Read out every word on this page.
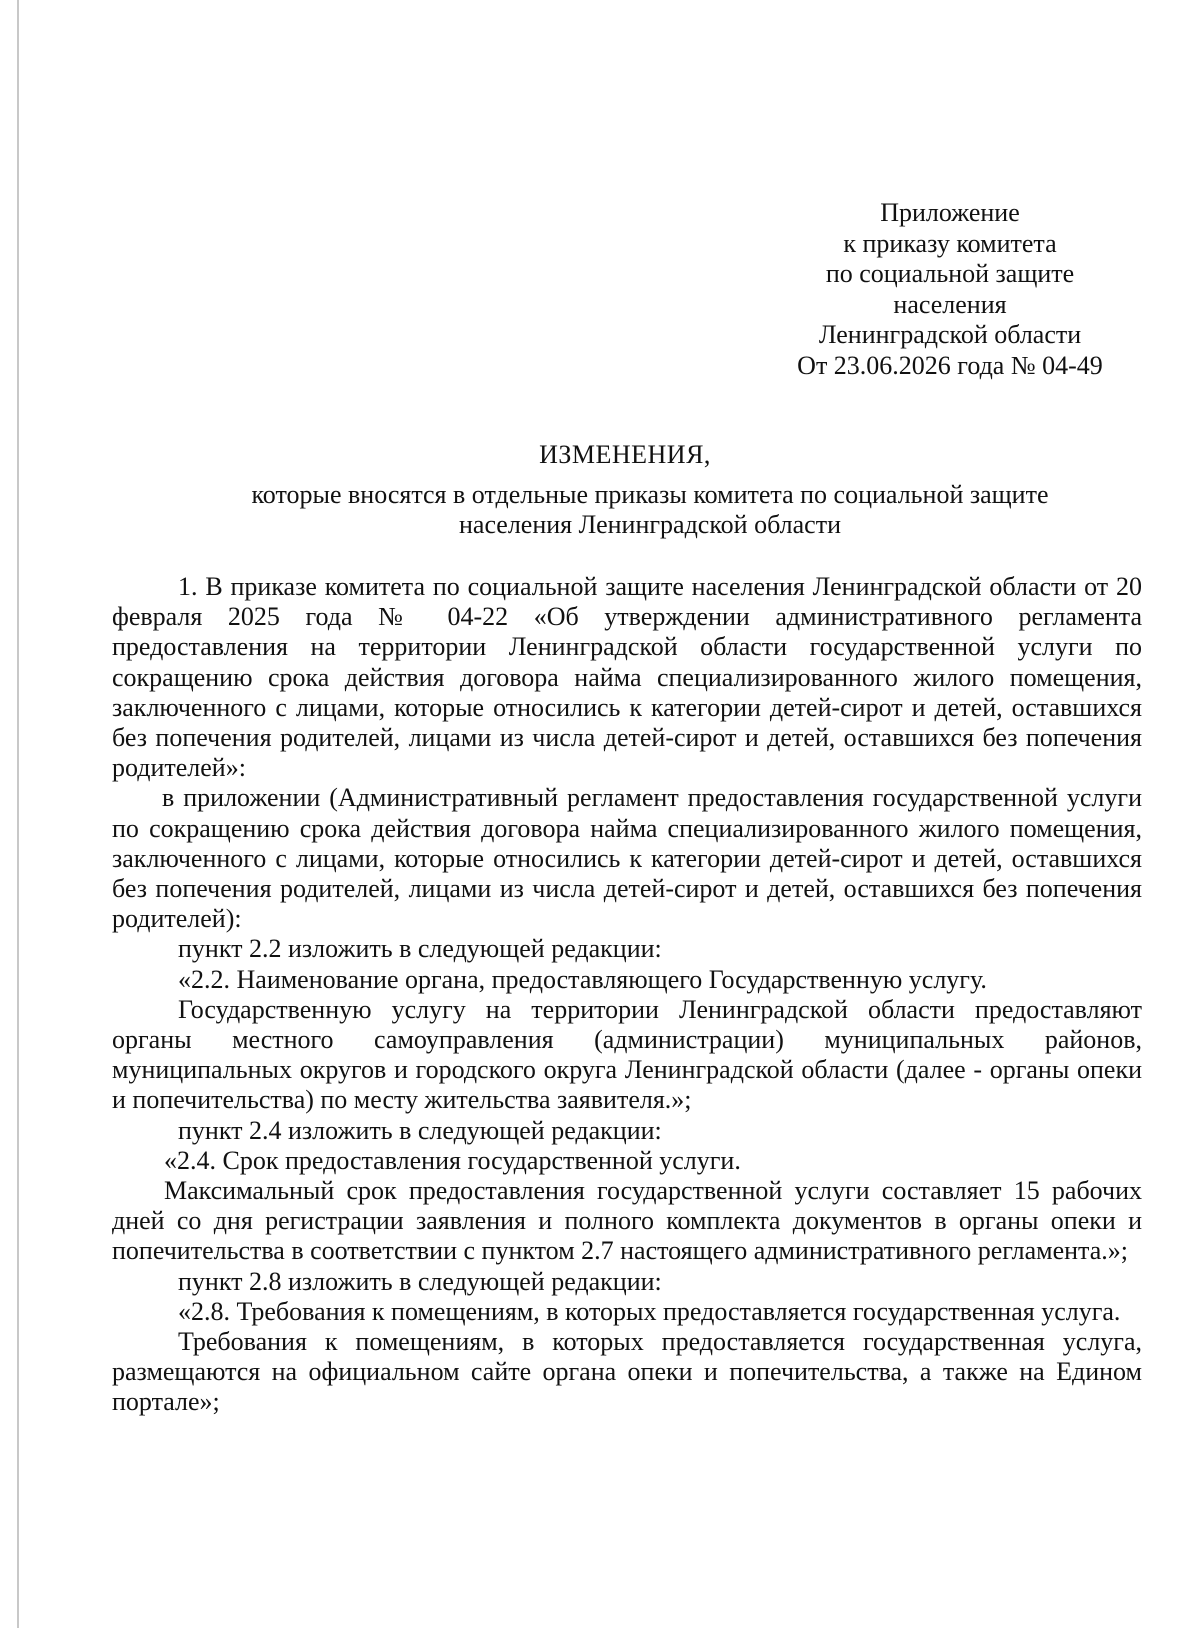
Приложение
к приказу комитета
по социальной защите
населения
Ленинградской области
От 23.06.2026 года № 04-49
ИЗМЕНЕНИЯ,
которые вносятся в отдельные приказы комитета по социальной защите населения Ленинградской области

1. В приказе комитета по социальной защите населения Ленинградской области от 20 февраля 2025 года № 04-22 «Об утверждении административного регламента предоставления на территории Ленинградской области государственной услуги по сокращению срока действия договора найма специализированного жилого помещения, заключенного с лицами, которые относились к категории детей-сирот и детей, оставшихся без попечения родителей, лицами из числа детей-сирот и детей, оставшихся без попечения родителей»:

в приложении (Административный регламент предоставления государственной услуги по сокращению срока действия договора найма специализированного жилого помещения, заключенного с лицами, которые относились к категории детей-сирот и детей, оставшихся без попечения родителей, лицами из числа детей-сирот и детей, оставшихся без попечения родителей):

пункт 2.2 изложить в следующей редакции:

«2.2. Наименование органа, предоставляющего Государственную услугу.

Государственную услугу на территории Ленинградской области предоставляют органы местного самоуправления (администрации) муниципальных районов, муниципальных округов и городского округа Ленинградской области (далее - органы опеки и попечительства) по месту жительства заявителя.»;

пункт 2.4 изложить в следующей редакции:

«2.4. Срок предоставления государственной услуги.

Максимальный срок предоставления государственной услуги составляет 15 рабочих дней со дня регистрации заявления и полного комплекта документов в органы опеки и попечительства в соответствии с пунктом 2.7 настоящего административного регламента.»;

пункт 2.8 изложить в следующей редакции:

«2.8. Требования к помещениям, в которых предоставляется государственная услуга.

Требования к помещениям, в которых предоставляется государственная услуга, размещаются на официальном сайте органа опеки и попечительства, а также на Едином портале»;
